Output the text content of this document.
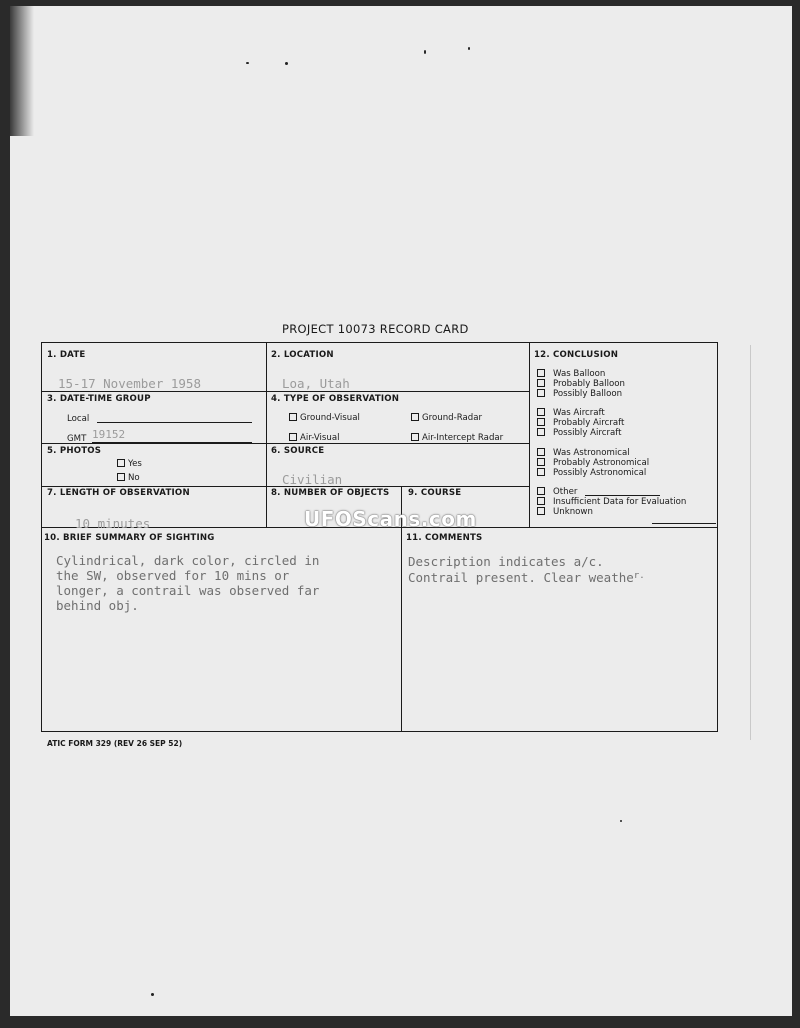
PROJECT 10073 RECORD CARD
1. DATE
15-17 November 1958
2. LOCATION
Loa, Utah
3. DATE-TIME GROUP
Local
GMT 19152
4. TYPE OF OBSERVATION
Ground-Visual	Ground-Radar
Air-Visual	Air-Intercept Radar
5. PHOTOS
Yes
No
6. SOURCE
Civilian
7. LENGTH OF OBSERVATION
10 minutes
8. NUMBER OF OBJECTS 9. COURSE
10. BRIEF SUMMARY OF SIGHTING
Cylindrical, dark color, circled in
the SW, observed for 10 mins or
longer, a contrail was observed far
behind obj.
11. COMMENTS
Description indicates a/c.
Contrail present. Clear weathe$^{r.}$
12. CONCLUSION
Was Balloon
Probably Balloon
Possibly Balloon
Was Aircraft
Probably Aircraft
Possibly Aircraft
Was Astronomical
Probably Astronomical
Possibly Astronomical
Other
Insufficient Data for Evaluation
Unknown
UFOScans.com
ATIC FORM 329 (REV 26 SEP 52)
